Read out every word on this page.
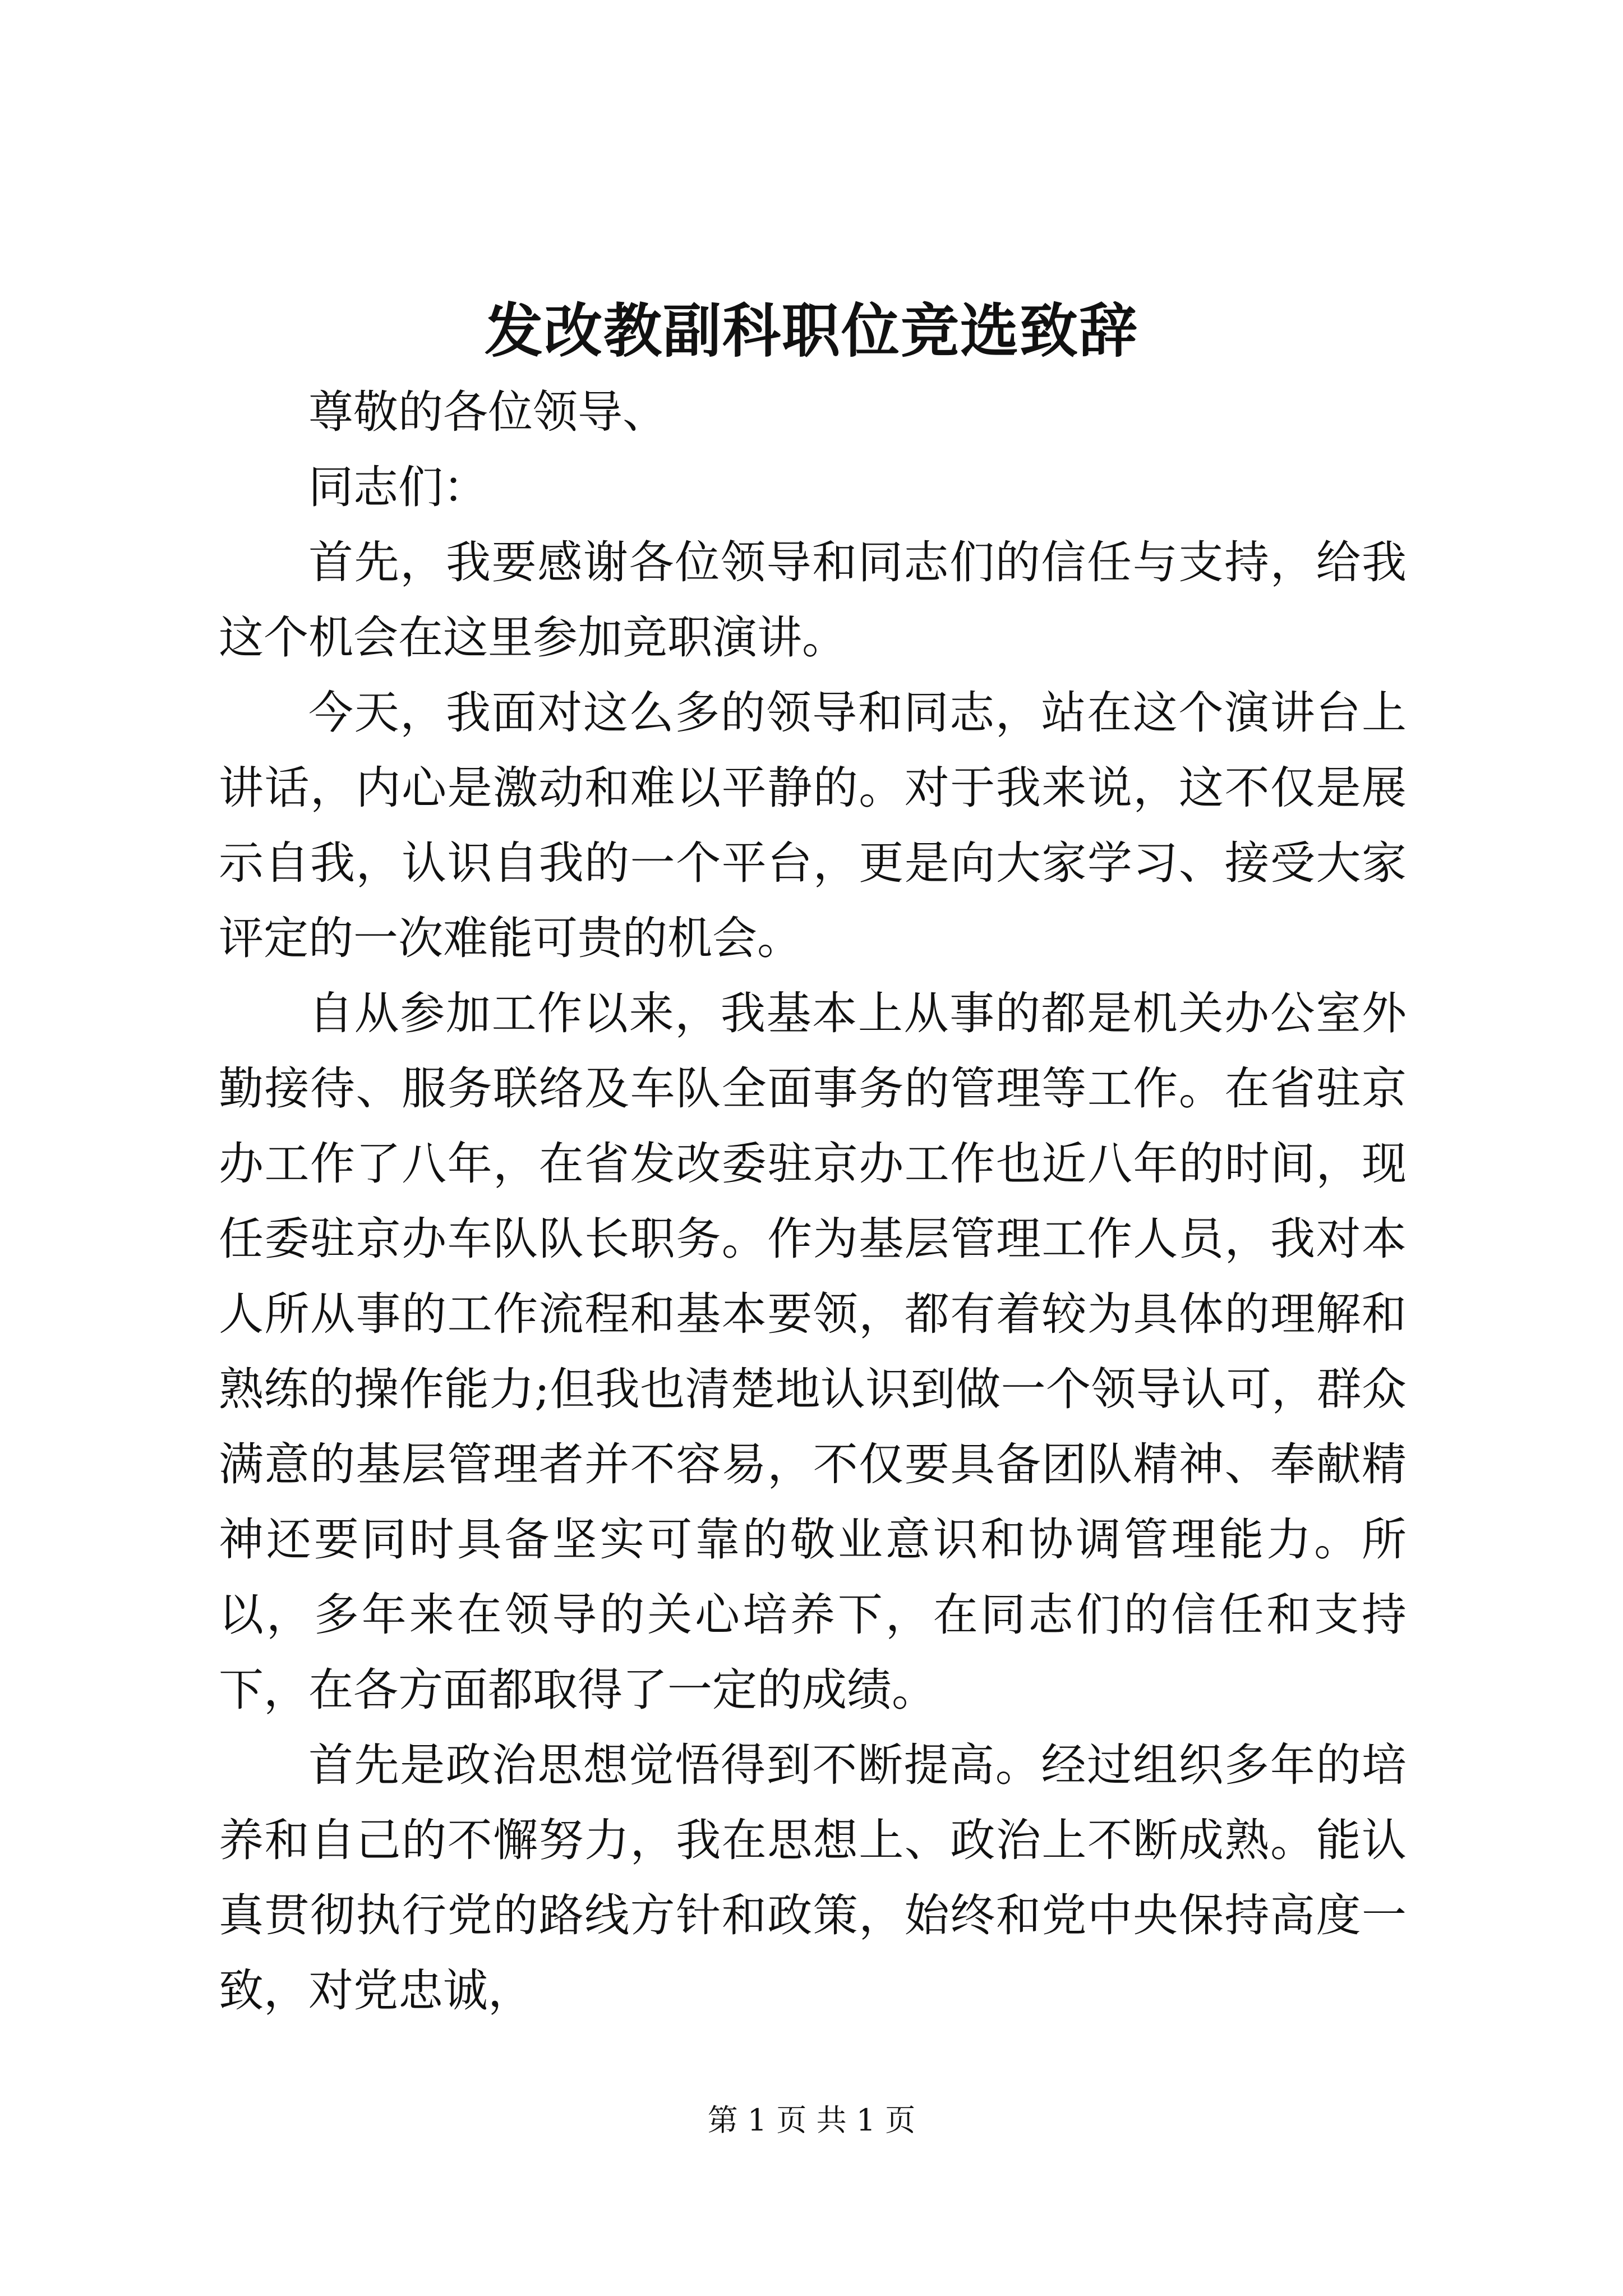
发改教副科职位竞选致辞

尊敬的各位领导、

同志们：

首先，我要感谢各位领导和同志们的信任与支持，给我这个机会在这里参加竞职演讲。

今天，我面对这么多的领导和同志，站在这个演讲台上讲话，内心是激动和难以平静的。对于我来说，这不仅是展示自我，认识自我的一个平台，更是向大家学习、接受大家评定的一次难能可贵的机会。

自从参加工作以来，我基本上从事的都是机关办公室外勤接待、服务联络及车队全面事务的管理等工作。在省驻京办工作了八年，在省发改委驻京办工作也近八年的时间，现任委驻京办车队队长职务。作为基层管理工作人员，我对本人所从事的工作流程和基本要领，都有着较为具体的理解和熟练的操作能力;但我也清楚地认识到做一个领导认可，群众满意的基层管理者并不容易，不仅要具备团队精神、奉献精神还要同时具备坚实可靠的敬业意识和协调管理能力。所以，多年来在领导的关心培养下，在同志们的信任和支持下，在各方面都取得了一定的成绩。

首先是政治思想觉悟得到不断提高。经过组织多年的培养和自己的不懈努力，我在思想上、政治上不断成熟。能认真贯彻执行党的路线方针和政策，始终和党中央保持高度一致，对党忠诚，

第 1 页 共 1 页
